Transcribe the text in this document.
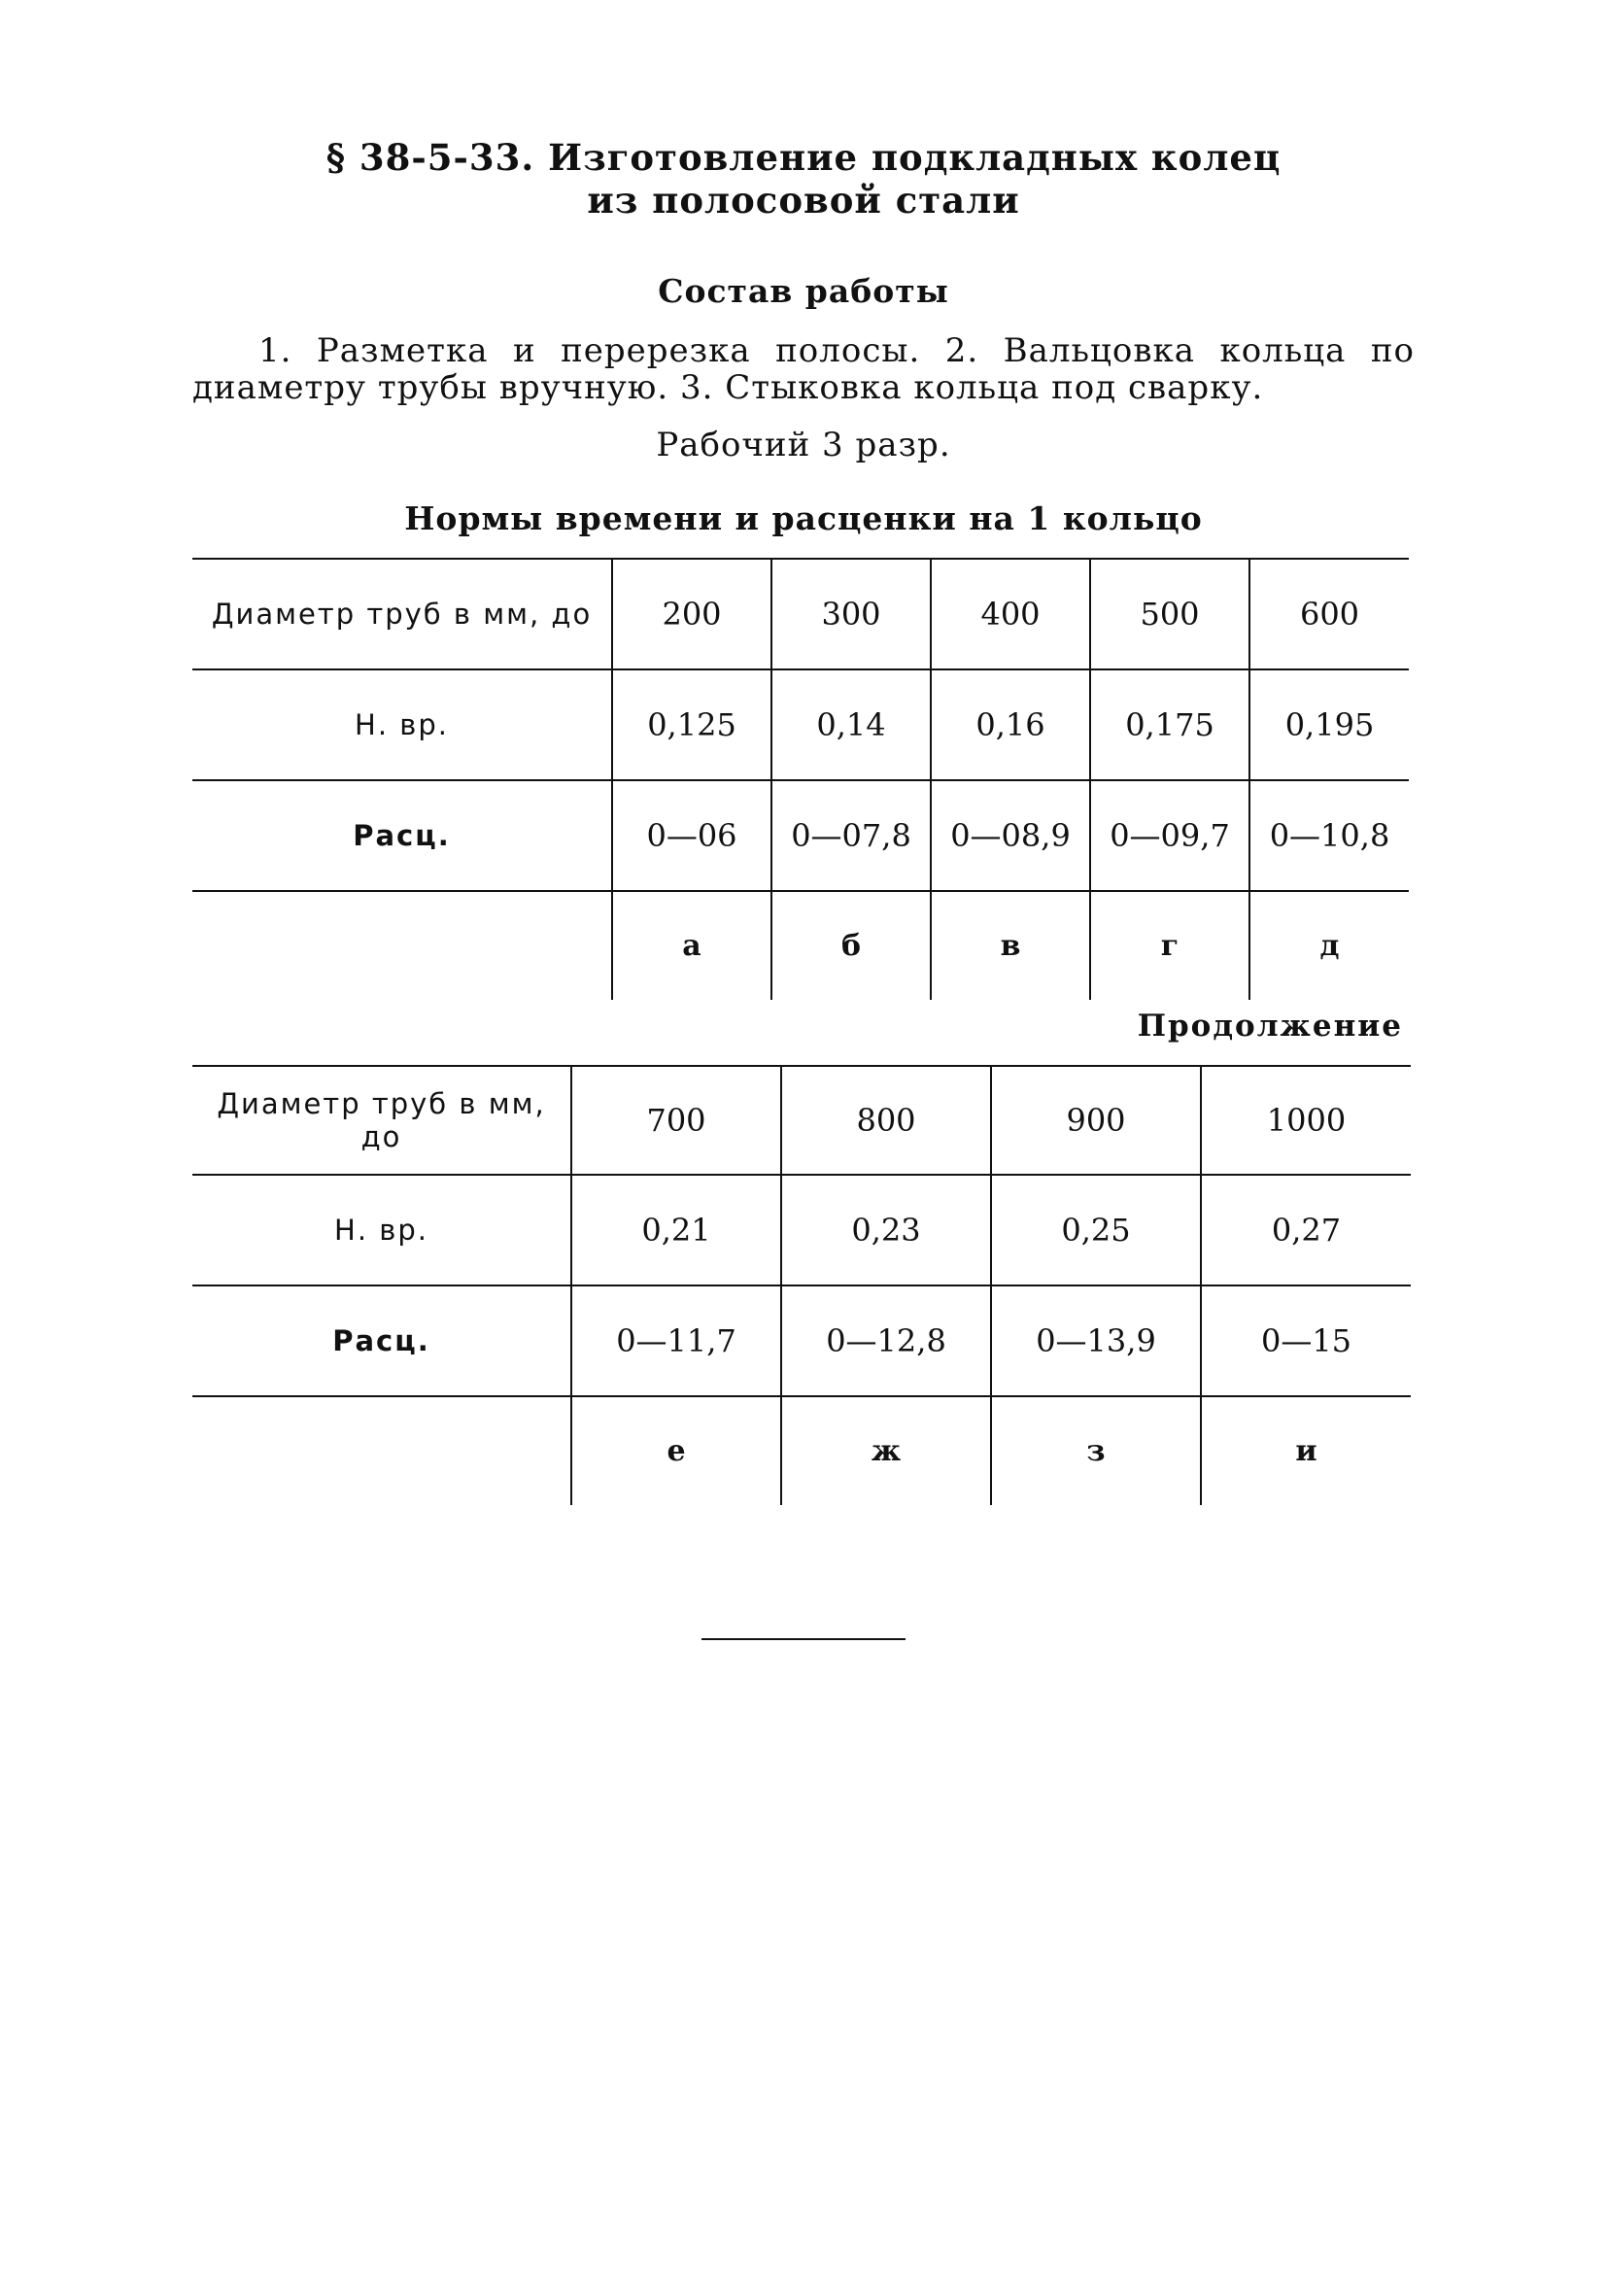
§ 38-5-33. Изготовление подкладных колец
из полосовой стали
Состав работы
1. Разметка и перерезка полосы. 2. Вальцовка кольца по диаметру трубы вручную. 3. Стыковка кольца под сварку.
Рабочий 3 разр.
Нормы времени и расценки на 1 кольцо
Диаметр труб в мм, до	200	300	400	500	600
Н. вр.	0,125	0,14	0,16	0,175	0,195
Расц.	0—06	0—07,8	0—08,9	0—09,7	0—10,8
	а	б	в	г	д
Продолжение
Диаметр труб в мм, до	700	800	900	1000
Н. вр.	0,21	0,23	0,25	0,27
Расц.	0—11,7	0—12,8	0—13,9	0—15
	е	ж	з	и
